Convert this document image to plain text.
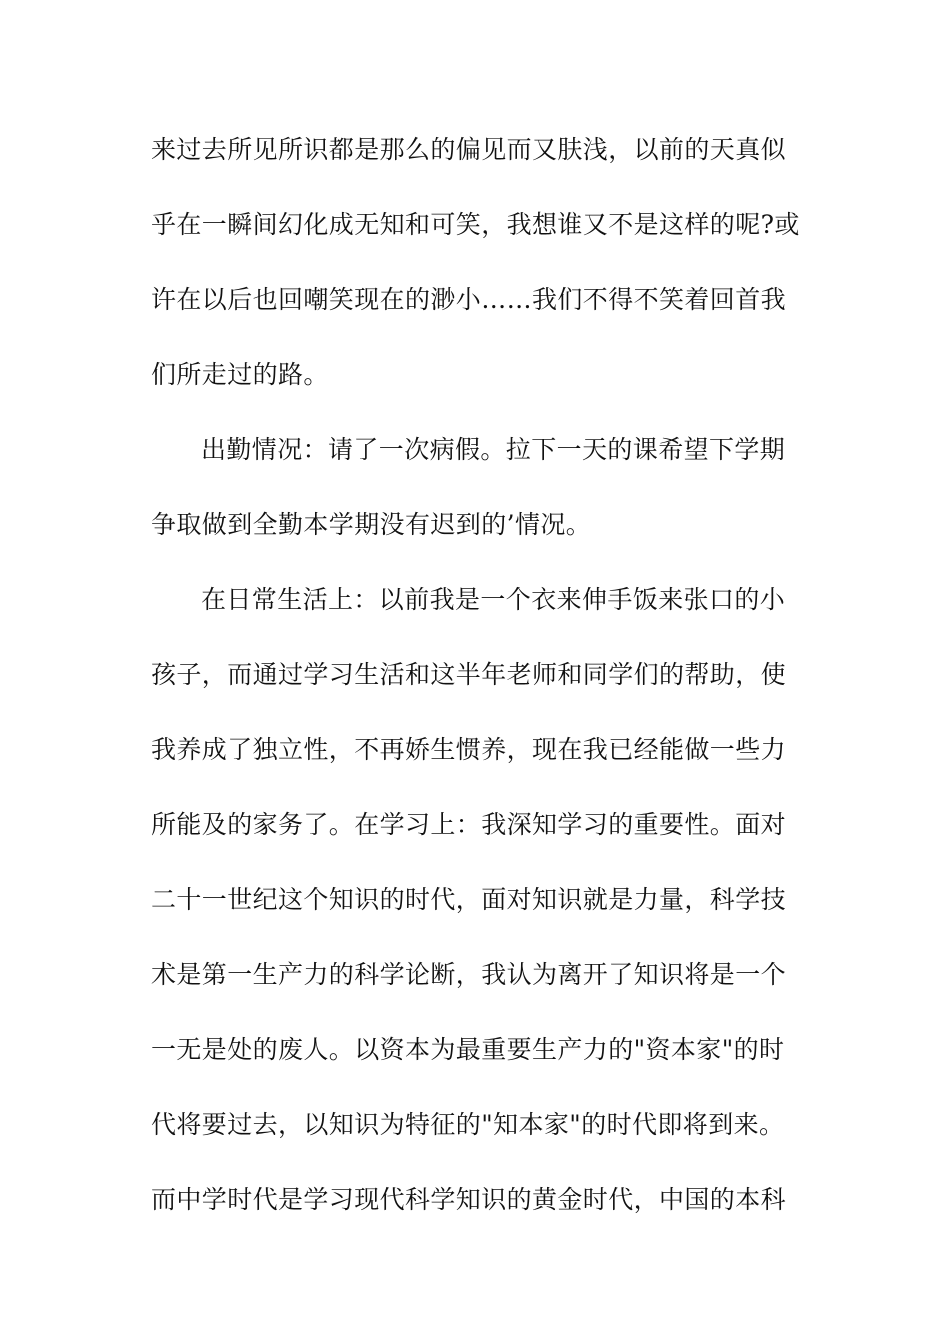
来过去所见所识都是那么的偏见而又肤浅，以前的天真似
乎在一瞬间幻化成无知和可笑，我想谁又不是这样的呢?或
许在以后也回嘲笑现在的渺小……我们不得不笑着回首我
们所走过的路。
出勤情况：请了一次病假。拉下一天的课希望下学期
争取做到全勤本学期没有迟到的’情况。
在日常生活上：以前我是一个衣来伸手饭来张口的小
孩子，而通过学习生活和这半年老师和同学们的帮助，使
我养成了独立性，不再娇生惯养，现在我已经能做一些力
所能及的家务了。在学习上：我深知学习的重要性。面对
二十一世纪这个知识的时代，面对知识就是力量，科学技
术是第一生产力的科学论断，我认为离开了知识将是一个
一无是处的废人。以资本为最重要生产力的"资本家"的时
代将要过去，以知识为特征的"知本家"的时代即将到来。
而中学时代是学习现代科学知识的黄金时代，中国的本科
